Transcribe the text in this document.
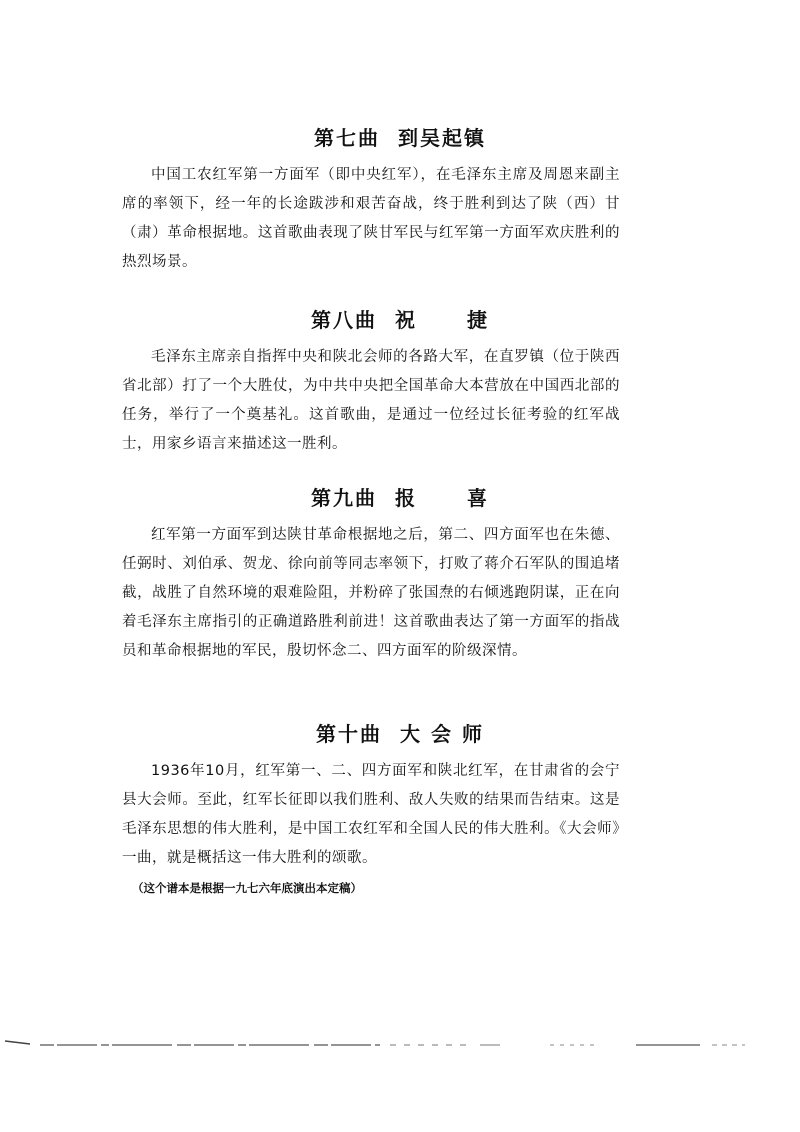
第七曲 到吴起镇

中国工农红军第一方面军（即中央红军），在毛泽东主席及周恩来副主席的率领下，经一年的长途跋涉和艰苦奋战，终于胜利到达了陕（西）甘（肃）革命根据地。这首歌曲表现了陕甘军民与红军第一方面军欢庆胜利的热烈场景。

第八曲 祝	捷

毛泽东主席亲自指挥中央和陕北会师的各路大军，在直罗镇（位于陕西省北部）打了一个大胜仗，为中共中央把全国革命大本营放在中国西北部的任务，举行了一个奠基礼。这首歌曲，是通过一位经过长征考验的红军战士，用家乡语言来描述这一胜利。

第九曲 报	喜

红军第一方面军到达陕甘革命根据地之后，第二、四方面军也在朱德、任弼时、刘伯承、贺龙、徐向前等同志率领下，打败了蒋介石军队的围追堵截，战胜了自然环境的艰难险阻，并粉碎了张国焘的右倾逃跑阴谋，正在向着毛泽东主席指引的正确道路胜利前进！这首歌曲表达了第一方面军的指战员和革命根据地的军民，殷切怀念二、四方面军的阶级深情。

第十曲 大 会 师

1936年10月，红军第一、二、四方面军和陕北红军，在甘肃省的会宁县大会师。至此，红军长征即以我们胜利、敌人失败的结果而告结束。这是毛泽东思想的伟大胜利，是中国工农红军和全国人民的伟大胜利。《大会师》一曲，就是概括这一伟大胜利的颂歌。

（这个谱本是根据一九七六年底演出本定稿）
